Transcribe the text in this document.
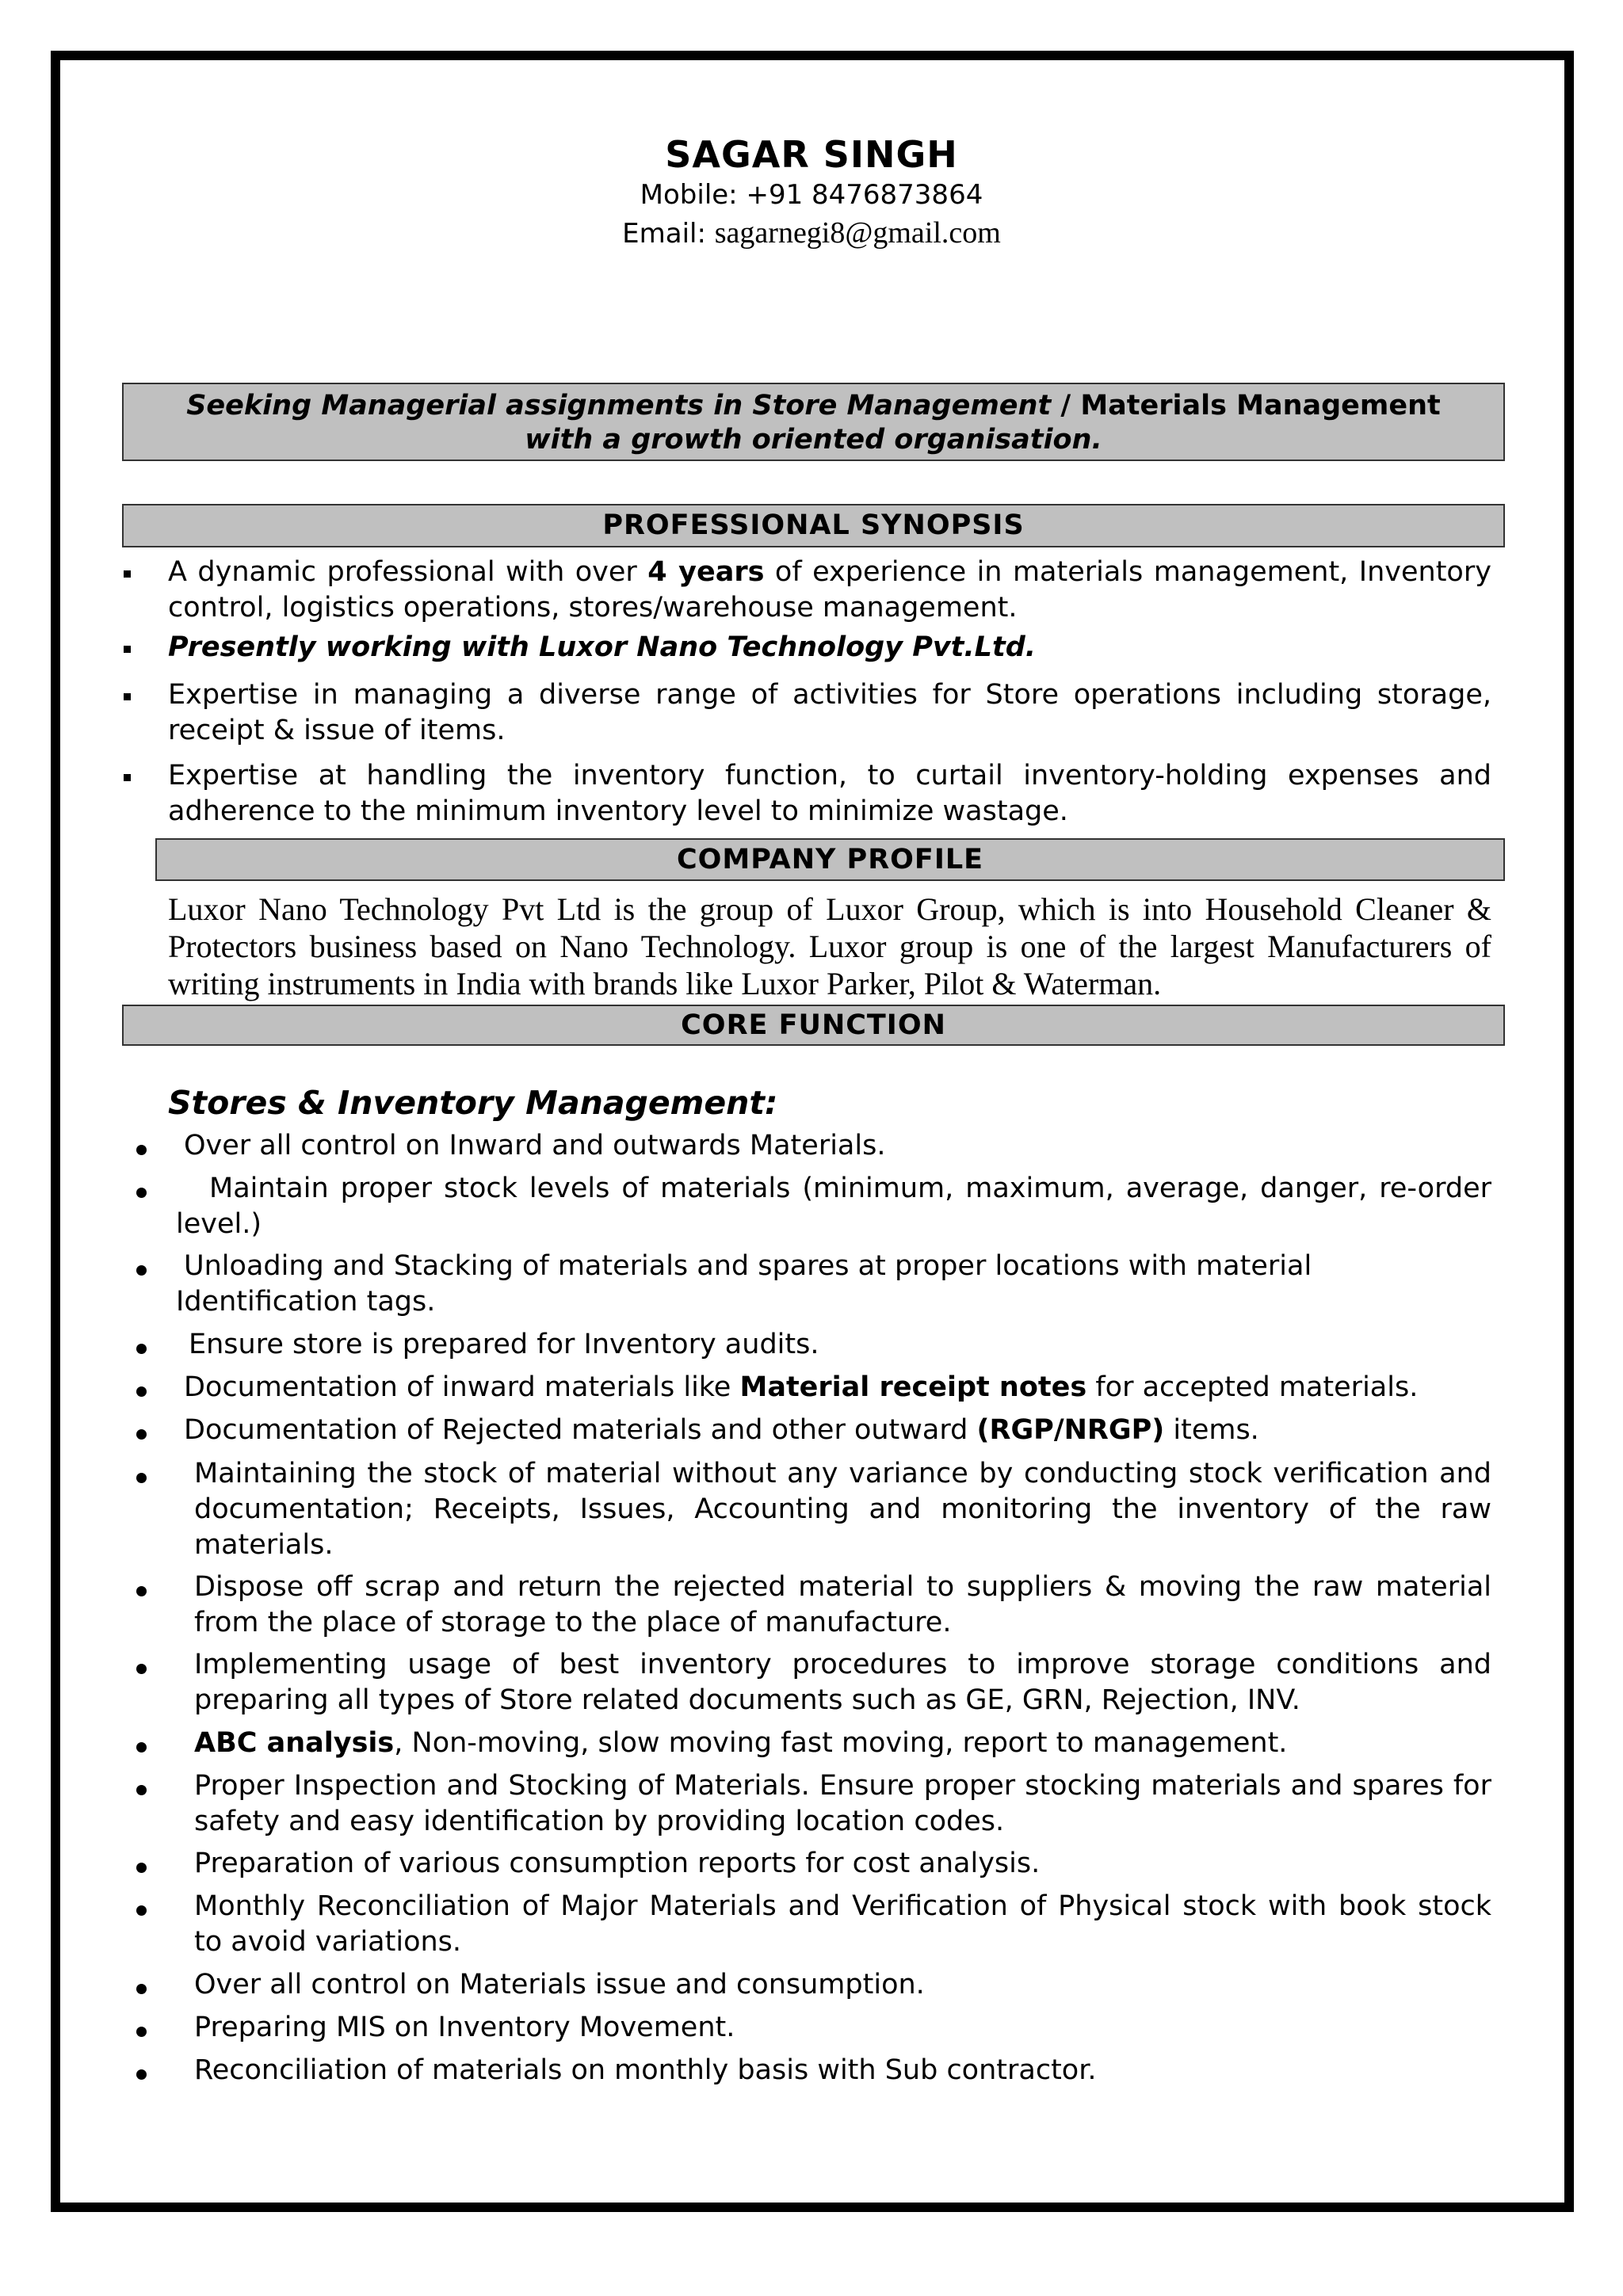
SAGAR SINGH
Mobile: +91 8476873864
Email: sagarnegi8@gmail.com
Seeking Managerial assignments in Store Management / Materials Management
with a growth oriented organisation.
PROFESSIONAL SYNOPSIS
A dynamic professional with over 4 years of experience in materials management, Inventory control, logistics operations, stores/warehouse management.
Presently working with Luxor Nano Technology Pvt.Ltd.
Expertise in managing a diverse range of activities for Store operations including storage, receipt & issue of items.
Expertise at handling the inventory function, to curtail inventory-holding expenses and adherence to the minimum inventory level to minimize wastage.
COMPANY PROFILE
Luxor Nano Technology Pvt Ltd is the group of Luxor Group, which is into Household Cleaner & Protectors business based on Nano Technology. Luxor group is one of the largest Manufacturers of writing instruments in India with brands like Luxor Parker, Pilot & Waterman.
CORE FUNCTION
Stores & Inventory Management:
Over all control on Inward and outwards Materials.
Maintain proper stock levels of materials (minimum, maximum, average, danger, re-order level.)
Unloading and Stacking of materials and spares at proper locations with material
Identification tags.
Ensure store is prepared for Inventory audits.
Documentation of inward materials like Material receipt notes for accepted materials.
Documentation of Rejected materials and other outward (RGP/NRGP) items.
Maintaining the stock of material without any variance by conducting stock verification and documentation; Receipts, Issues, Accounting and monitoring the inventory of the raw materials.
Dispose off scrap and return the rejected material to suppliers & moving the raw material from the place of storage to the place of manufacture.
Implementing usage of best inventory procedures to improve storage conditions and preparing all types of Store related documents such as GE, GRN, Rejection, INV.
ABC analysis, Non-moving, slow moving fast moving, report to management.
Proper Inspection and Stocking of Materials. Ensure proper stocking materials and spares for safety and easy identification by providing location codes.
Preparation of various consumption reports for cost analysis.
Monthly Reconciliation of Major Materials and Verification of Physical stock with book stock to avoid variations.
Over all control on Materials issue and consumption.
Preparing MIS on Inventory Movement.
Reconciliation of materials on monthly basis with Sub contractor.
